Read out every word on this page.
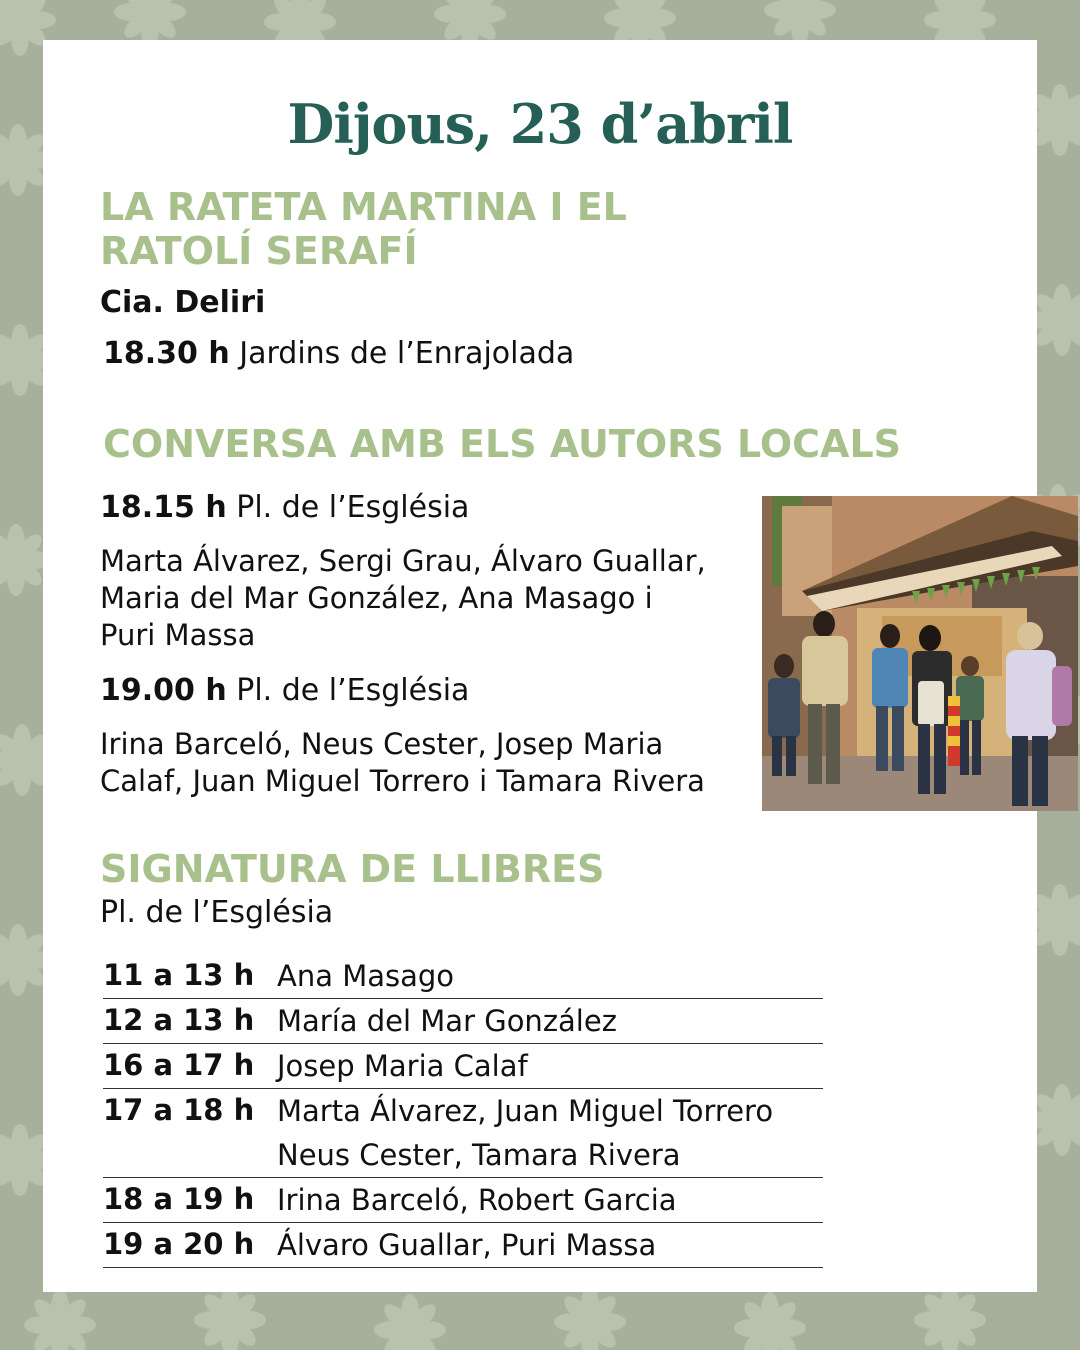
Dijous, 23 d’abril
LA RATETA MARTINA I EL
RATOLÍ SERAFÍ

Cia. Deliri

18.30 h Jardins de l’Enrajolada

CONVERSA AMB ELS AUTORS LOCALS

18.15 h Pl. de l’Església

Marta Álvarez, Sergi Grau, Álvaro Guallar,
Maria del Mar González, Ana Masago i
Puri Massa

19.00 h Pl. de l’Església

Irina Barceló, Neus Cester, Josep Maria
Calaf, Juan Miguel Torrero i Tamara Rivera
SIGNATURA DE LLIBRES

Pl. de l’Església

11 a 13 h Ana Masago
12 a 13 h María del Mar González
16 a 17 h Josep Maria Calaf
17 a 18 h Marta Álvarez, Juan Miguel Torrero
Neus Cester, Tamara Rivera
18 a 19 h Irina Barceló, Robert Garcia
19 a 20 h Álvaro Guallar, Puri Massa
